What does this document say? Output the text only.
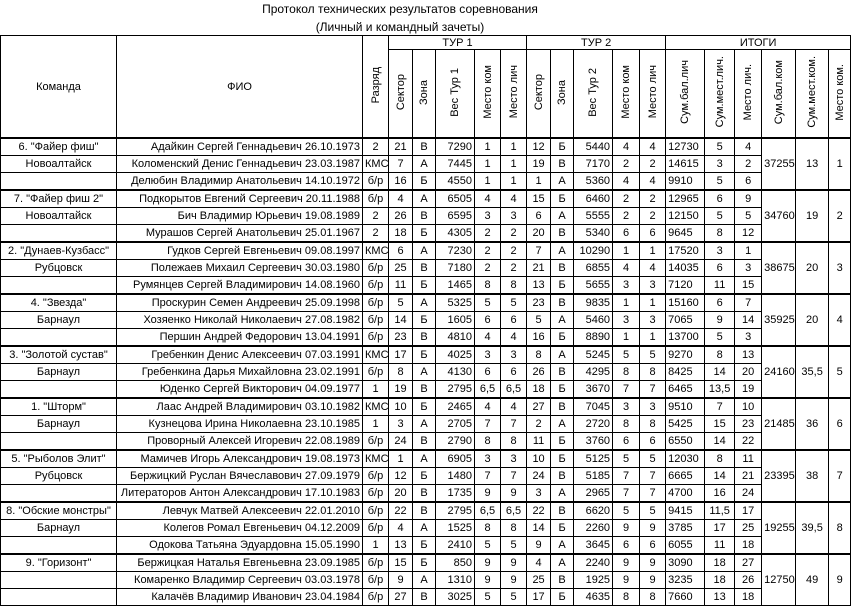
Протокол технических результатов соревнования
(Личный и командный зачеты)
Команда	ФИО	Разряд	ТУР 1					ТУР 2					ИТОГИ					
			Сектор	Зона	Вес Тур 1	Место ком	Место лич	Сектор	Зона	Вес Тур 2	Место ком	Место лич	Сум.бал.лич	Сум.мест.лич.	Место лич.	Сум.бал.ком	Сум.мест.ком.	Место ком.
6. "Файер фиш"	Адайкин Сергей Геннадьевич 26.10.1973	2	21	В	7290	1	1	12	Б	5440	4	4	12730	5	4	37255	13	1
Новоалтайск	Коломенский Денис Геннадьевич 23.03.1987	КМС	7	А	7445	1	1	19	В	7170	2	2	14615	3	2			
	Делюбин Владимир Анатольевич 14.10.1972	б/р	16	Б	4550	1	1	1	А	5360	4	4	9910	5	6			
7. "Файер фиш 2"	Подкорытов Евгений Сергеевич 20.11.1988	б/р	4	А	6505	4	4	15	Б	6460	2	2	12965	6	9	34760	19	2
Новоалтайск	Бич Владимир Юрьевич 19.08.1989	2	26	В	6595	3	3	6	А	5555	2	2	12150	5	5			
	Мурашов Сергей Анатольевич 25.01.1967	2	18	Б	4305	2	2	20	В	5340	6	6	9645	8	12			
2. "Дунаев-Кузбасс"	Гудков Сергей Евгеньевич 09.08.1997	КМС	6	А	7230	2	2	7	А	10290	1	1	17520	3	1	38675	20	3
Рубцовск	Полежаев Михаил Сергеевич 30.03.1980	б/р	25	В	7180	2	2	21	В	6855	4	4	14035	6	3			
	Румянцев Сергей Владимирович 14.08.1960	б/р	11	Б	1465	8	8	13	Б	5655	3	3	7120	11	15			
4. "Звезда"	Проскурин Семен Андреевич 25.09.1998	б/р	5	А	5325	5	5	23	В	9835	1	1	15160	6	7	35925	20	4
Барнаул	Хозяенко Николай Николаевич 27.08.1982	б/р	14	Б	1605	6	6	5	А	5460	3	3	7065	9	14			
	Першин Андрей Федорович 13.04.1991	б/р	23	В	4810	4	4	16	Б	8890	1	1	13700	5	3			
3. "Золотой сустав"	Гребенкин Денис Алексеевич 07.03.1991	КМС	17	Б	4025	3	3	8	А	5245	5	5	9270	8	13	24160	35,5	5
Барнаул	Гребенкина Дарья Михайловна 23.02.1991	б/р	8	А	4130	6	6	26	В	4295	8	8	8425	14	20			
	Юденко Сергей Викторович 04.09.1977	1	19	В	2795	6,5	6,5	18	Б	3670	7	7	6465	13,5	19			
1. "Шторм"	Лаас Андрей Владимирович 03.10.1982	КМС	10	Б	2465	4	4	27	В	7045	3	3	9510	7	10	21485	36	6
Барнаул	Кузнецова Ирина Николаевна 23.10.1985	1	3	А	2705	7	7	2	А	2720	8	8	5425	15	23			
	Проворный Алексей Игоревич 22.08.1989	б/р	24	В	2790	8	8	11	Б	3760	6	6	6550	14	22			
5. "Рыболов Элит"	Мамичев Игорь Александрович 19.08.1973	КМС	1	А	6905	3	3	10	Б	5125	5	5	12030	8	11	23395	38	7
Рубцовск	Бержицкий Руслан Вячеславович 27.09.1979	б/р	12	Б	1480	7	7	24	В	5185	7	7	6665	14	21			
	Литераторов Антон Александрович 17.10.1983	б/р	20	В	1735	9	9	3	А	2965	7	7	4700	16	24			
8. "Обские монстры"	Левчук Матвей Алексеевич 22.01.2010	б/р	22	В	2795	6,5	6,5	22	В	6620	5	5	9415	11,5	17	19255	39,5	8
Барнаул	Колегов Ромал Евгеньевич 04.12.2009	б/р	4	А	1525	8	8	14	Б	2260	9	9	3785	17	25			
	Одокова Татьяна Эдуардовна 15.05.1990	1	13	Б	2410	5	5	9	А	3645	6	6	6055	11	18			
9. "Горизонт"	Бержицкая Наталья Евгеньевна 23.09.1985	б/р	15	Б	850	9	9	4	А	2240	9	9	3090	18	27	12750	49	9
	Комаренко Владимир Сергеевич 03.03.1978	б/р	9	А	1310	9	9	25	В	1925	9	9	3235	18	26			
	Калачёв Владимир Иванович 23.04.1984	б/р	27	В	3025	5	5	17	Б	4635	8	8	7660	13	18			
